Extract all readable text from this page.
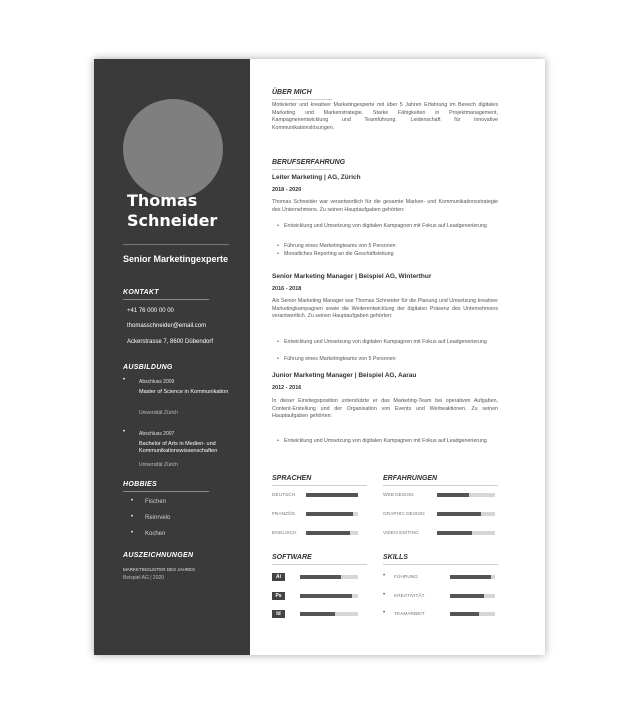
Thomas
Schneider
Senior Marketingexperte
KONTAKT
+41 76 000 00 00
thomasschneider@email.com
Ackerstrasse 7, 8600 Dübendorf
AUSBILDUNG
•	Abschluss 2009
Master of Science in Kommunikation
Universität Zürich
•	Abschluss 2007
Bachelor of Arts in Medien- und Kommunikationswissenschaften
Universität Zürich
HOBBIES
• Fischen
• Reinrvelo
• Kochen
AUSZEICHNUNGEN
MARKETINGLEITER DES JAHRES
Beispiel AG | 2020
ÜBER MICH
Motivierter und kreativer Marketingexperte mit über 5 Jahren Erfahrung im Bereich digitales Marketing und Markenstrategie. Starke Fähigkeiten in Projektmanagement, Kampagnenentwicklung und Teamführung. Leidenschaft für innovative Kommunikationslösungen.
BERUFSERFAHRUNG
Leiter Marketing | AG, Zürich
2018 - 2020
Thomas Schneider war verantwortlich für die gesamte Marken- und Kommunikationsstrategie des Unternehmens. Zu seinen Hauptaufgaben gehörten:
• Entwicklung und Umsetzung von digitalen Kampagnen mit Fokus auf Leadgenerierung
• Führung eines Marketingteams von 5 Personen
• Monatliches Reporting an die Geschäftsleitung
Senior Marketing Manager | Beispiel AG, Winterthur
2016 - 2018
Als Senior Marketing Manager war Thomas Schneider für die Planung und Umsetzung kreativer Marketingkampagnen sowie die Weiterentwicklung der digitalen Präsenz des Unternehmens verantwortlich. Zu seinen Hauptaufgaben gehörten:
• Entwicklung und Umsetzung von digitalen Kampagnen mit Fokus auf Leadgenerierung
• Führung eines Marketingteams von 5 Personen
Junior Marketing Manager | Beispiel AG, Aarau
2012 - 2016
In dieser Einstiegsposition unterstützte er das Marketing-Team bei operativen Aufgaben, Content-Erstellung und der Organisation von Events und Werbeaktionen. Zu seinen Hauptaufgaben gehörten:
• Entwicklung und Umsetzung von digitalen Kampagnen mit Fokus auf Leadgenerierung
SPRACHEN	ERFAHRUNGEN
DEUTSCH
FRANZÖS
ENGLISCH
WEB DESIGN
GRAPHIC DESIGN
VIDEO EDITING
SOFTWARE	SKILLS
Ai
Ps
Id
• FÜHRUNG
• KREATIVITÄT
• TEAMARBEIT
